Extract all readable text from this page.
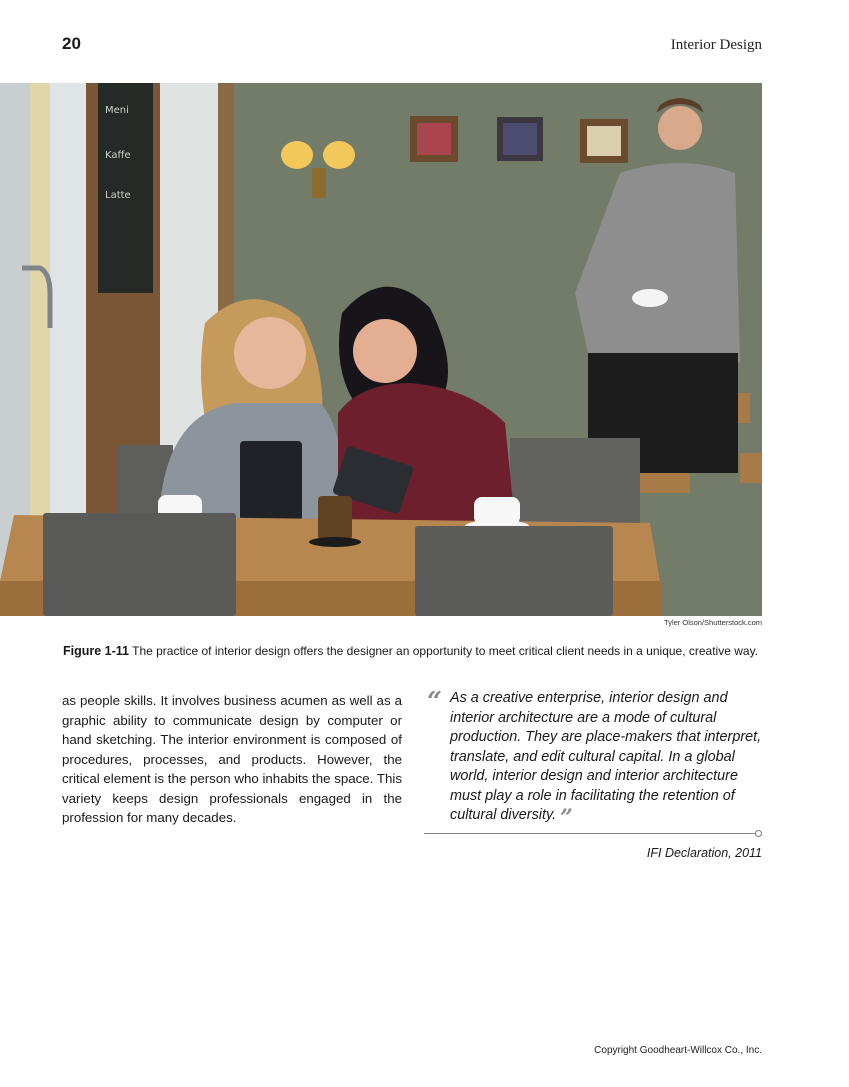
20	Interior Design
Meni
Kaffe
Latte
Tyler Olson/Shutterstock.com

Figure 1-11 The practice of interior design offers the designer an opportunity to meet critical client needs in a unique, creative way.

as people skills. It involves business acumen as well as a graphic ability to communicate design by computer or hand sketching. The interior environment is composed of procedures, processes, and products. However, the critical element is the person who inhabits the space. This variety keeps design professionals engaged in the profession for many decades.

“ As a creative enterprise, interior design and interior architecture are a mode of cultural production. They are place-makers that interpret, translate, and edit cultural capital. In a global world, interior design and interior architecture must play a role in facilitating the retention of cultural diversity. ”

IFI Declaration, 2011
Copyright Goodheart-Willcox Co., Inc.
